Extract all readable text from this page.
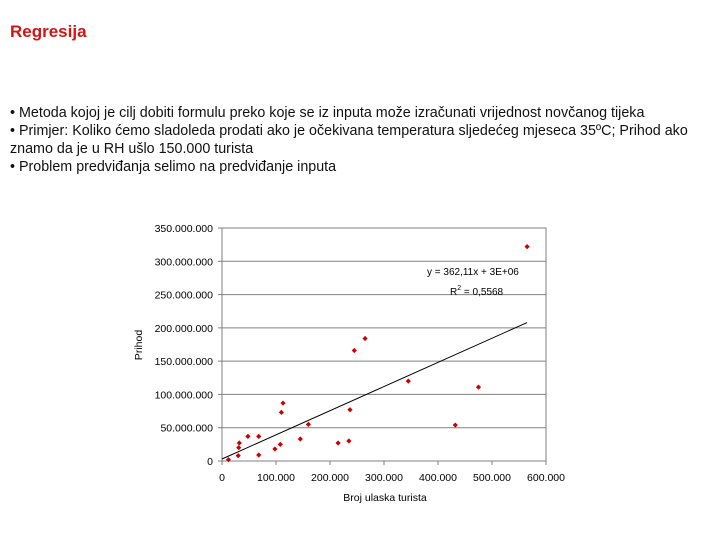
Regresija
• Metoda kojoj je cilj dobiti formulu preko koje se iz inputa može izračunati vrijednost novčanog tijeka
• Primjer: Koliko ćemo sladoleda prodati ako je očekivana temperatura sljedećeg mjeseca 35ºC; Prihod ako znamo da je u RH ušlo 150.000 turista
• Problem predviđanja selimo na predviđanje inputa
0
50.000.000
100.000.000
150.000.000
200.000.000
250.000.000
300.000.000
350.000.000
0	100.000 200.000 300.000 400.000 500.000 600.000
y = 362,11x + 3E+06
$R^2 = 0,5568$
Broj ulaska turista
Prihod
